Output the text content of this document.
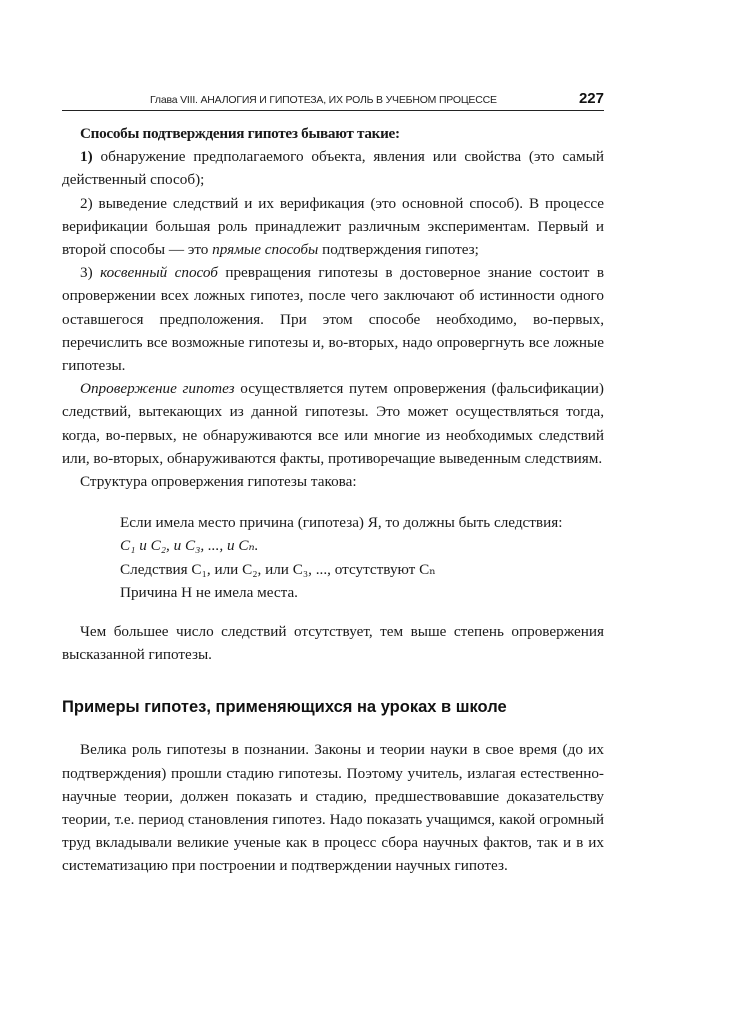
Глава VIII. АНАЛОГИЯ И ГИПОТЕЗА, ИХ РОЛЬ В УЧЕБНОМ ПРОЦЕССЕ	227

Способы подтверждения гипотез бывают такие:

1) обнаружение предполагаемого объекта, явления или свойства (это самый действенный способ);

2) выведение следствий и их верификация (это основной способ). В процессе верификации большая роль принадлежит различным экспериментам. Первый и второй способы — это прямые способы подтверждения гипотез;

3) косвенный способ превращения гипотезы в достоверное знание состоит в опровержении всех ложных гипотез, после чего заключают об истинности одного оставшегося предположения. При этом способе необходимо, во-первых, перечислить все возможные гипотезы и, во-вторых, надо опровергнуть все ложные гипотезы.

Опровержение гипотез осуществляется путем опровержения (фальсификации) следствий, вытекающих из данной гипотезы. Это может осуществляться тогда, когда, во-первых, не обнаруживаются все или многие из необходимых следствий или, во-вторых, обнаруживаются факты, противоречащие выведенным следствиям.

Структура опровержения гипотезы такова:

Если имела место причина (гипотеза) Я, то должны быть следствия:

C₁ и C₂, и C₃, ..., и Cₙ.

Следствия C₁, или C₂, или C₃, ..., отсутствуют Cₙ

Причина Н не имела места.

Чем большее число следствий отсутствует, тем выше степень опровержения высказанной гипотезы.

Примеры гипотез, применяющихся на уроках в школе

Велика роль гипотезы в познании. Законы и теории науки в свое время (до их подтверждения) прошли стадию гипотезы. Поэтому учитель, излагая естественно-научные теории, должен показать и стадию, предшествовавшие доказательству теории, т.е. период становления гипотез. Надо показать учащимся, какой огромный труд вкладывали великие ученые как в процесс сбора научных фактов, так и в их систематизацию при построении и подтверждении научных гипотез.
